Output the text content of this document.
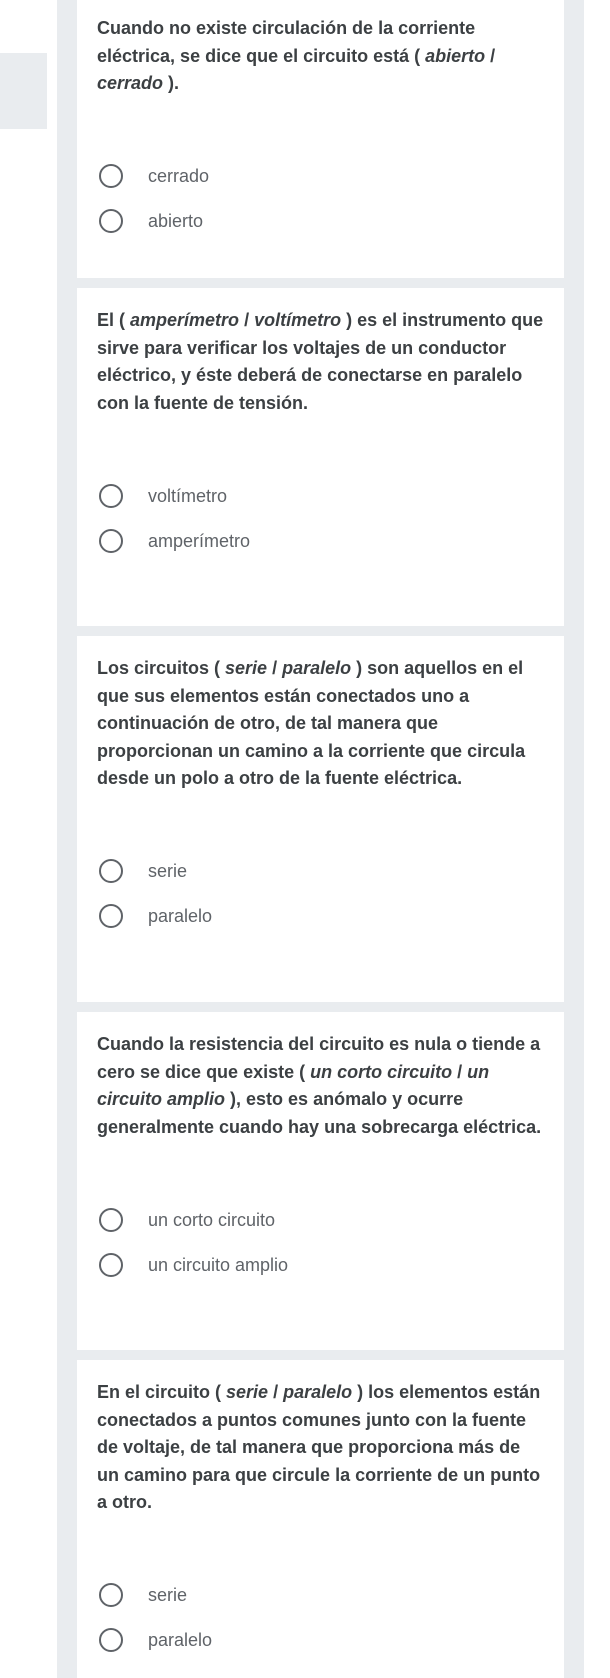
Cuando no existe circulación de la corriente eléctrica, se dice que el circuito está ( abierto / cerrado ).

cerrado
abierto

El ( amperímetro / voltímetro ) es el instrumento que sirve para verificar los voltajes de un conductor eléctrico, y éste deberá de conectarse en paralelo con la fuente de tensión.

voltímetro
amperímetro

Los circuitos ( serie / paralelo ) son aquellos en el que sus elementos están conectados uno a continuación de otro, de tal manera que proporcionan un camino a la corriente que circula desde un polo a otro de la fuente eléctrica.

serie
paralelo

Cuando la resistencia del circuito es nula o tiende a cero se dice que existe ( un corto circuito / un circuito amplio ), esto es anómalo y ocurre generalmente cuando hay una sobrecarga eléctrica.

un corto circuito
un circuito amplio

En el circuito ( serie / paralelo ) los elementos están conectados a puntos comunes junto con la fuente de voltaje, de tal manera que proporciona más de un camino para que circule la corriente de un punto a otro.

serie
paralelo
